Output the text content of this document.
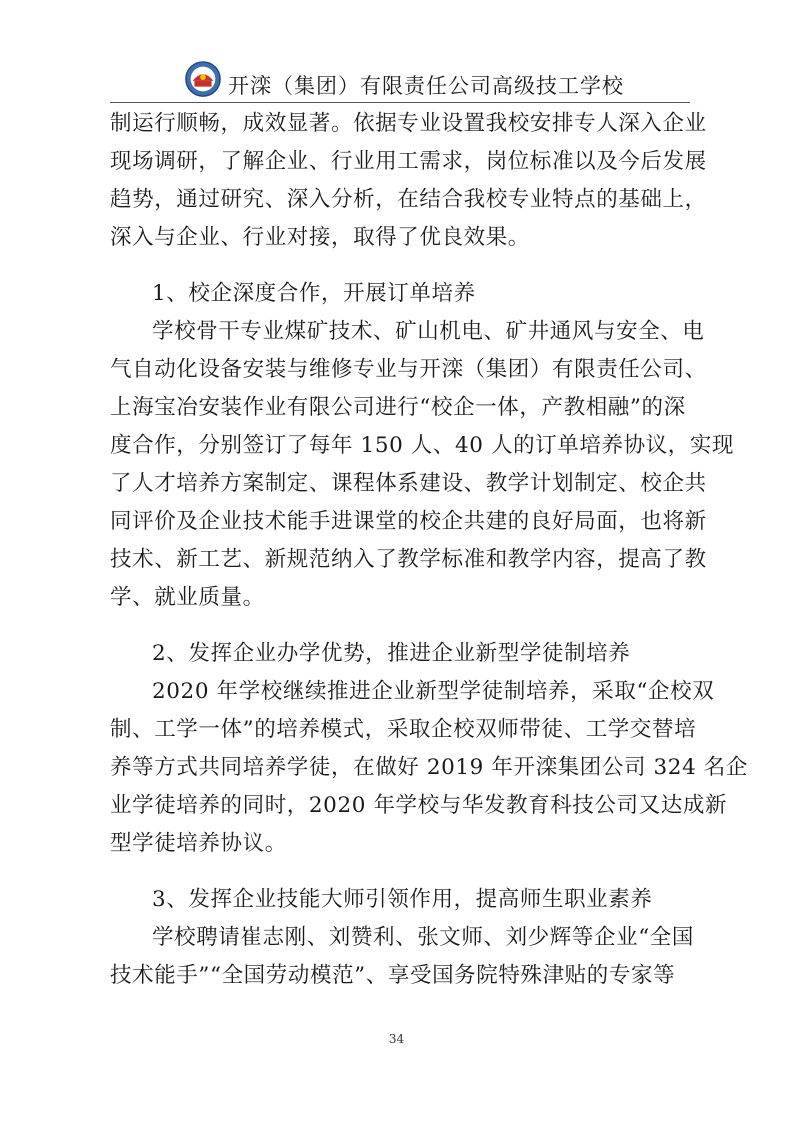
开滦（集团）有限责任公司高级技工学校
制运行顺畅，成效显著。依据专业设置我校安排专人深入企业
现场调研，了解企业、行业用工需求，岗位标准以及今后发展
趋势，通过研究、深入分析，在结合我校专业特点的基础上，
深入与企业、行业对接，取得了优良效果。
1、校企深度合作，开展订单培养
学校骨干专业煤矿技术、矿山机电、矿井通风与安全、电
气自动化设备安装与维修专业与开滦（集团）有限责任公司、
上海宝冶安装作业有限公司进行“校企一体，产教相融”的深
度合作，分别签订了每年 150 人、40 人的订单培养协议，实现
了人才培养方案制定、课程体系建设、教学计划制定、校企共
同评价及企业技术能手进课堂的校企共建的良好局面，也将新
技术、新工艺、新规范纳入了教学标准和教学内容，提高了教
学、就业质量。
2、发挥企业办学优势，推进企业新型学徒制培养
2020 年学校继续推进企业新型学徒制培养，采取“企校双
制、工学一体”的培养模式，采取企校双师带徒、工学交替培
养等方式共同培养学徒，在做好 2019 年开滦集团公司 324 名企
业学徒培养的同时，2020 年学校与华发教育科技公司又达成新
型学徒培养协议。
3、发挥企业技能大师引领作用，提高师生职业素养
学校聘请崔志刚、刘赞利、张文师、刘少辉等企业“全国
技术能手”“全国劳动模范”、享受国务院特殊津贴的专家等
34
